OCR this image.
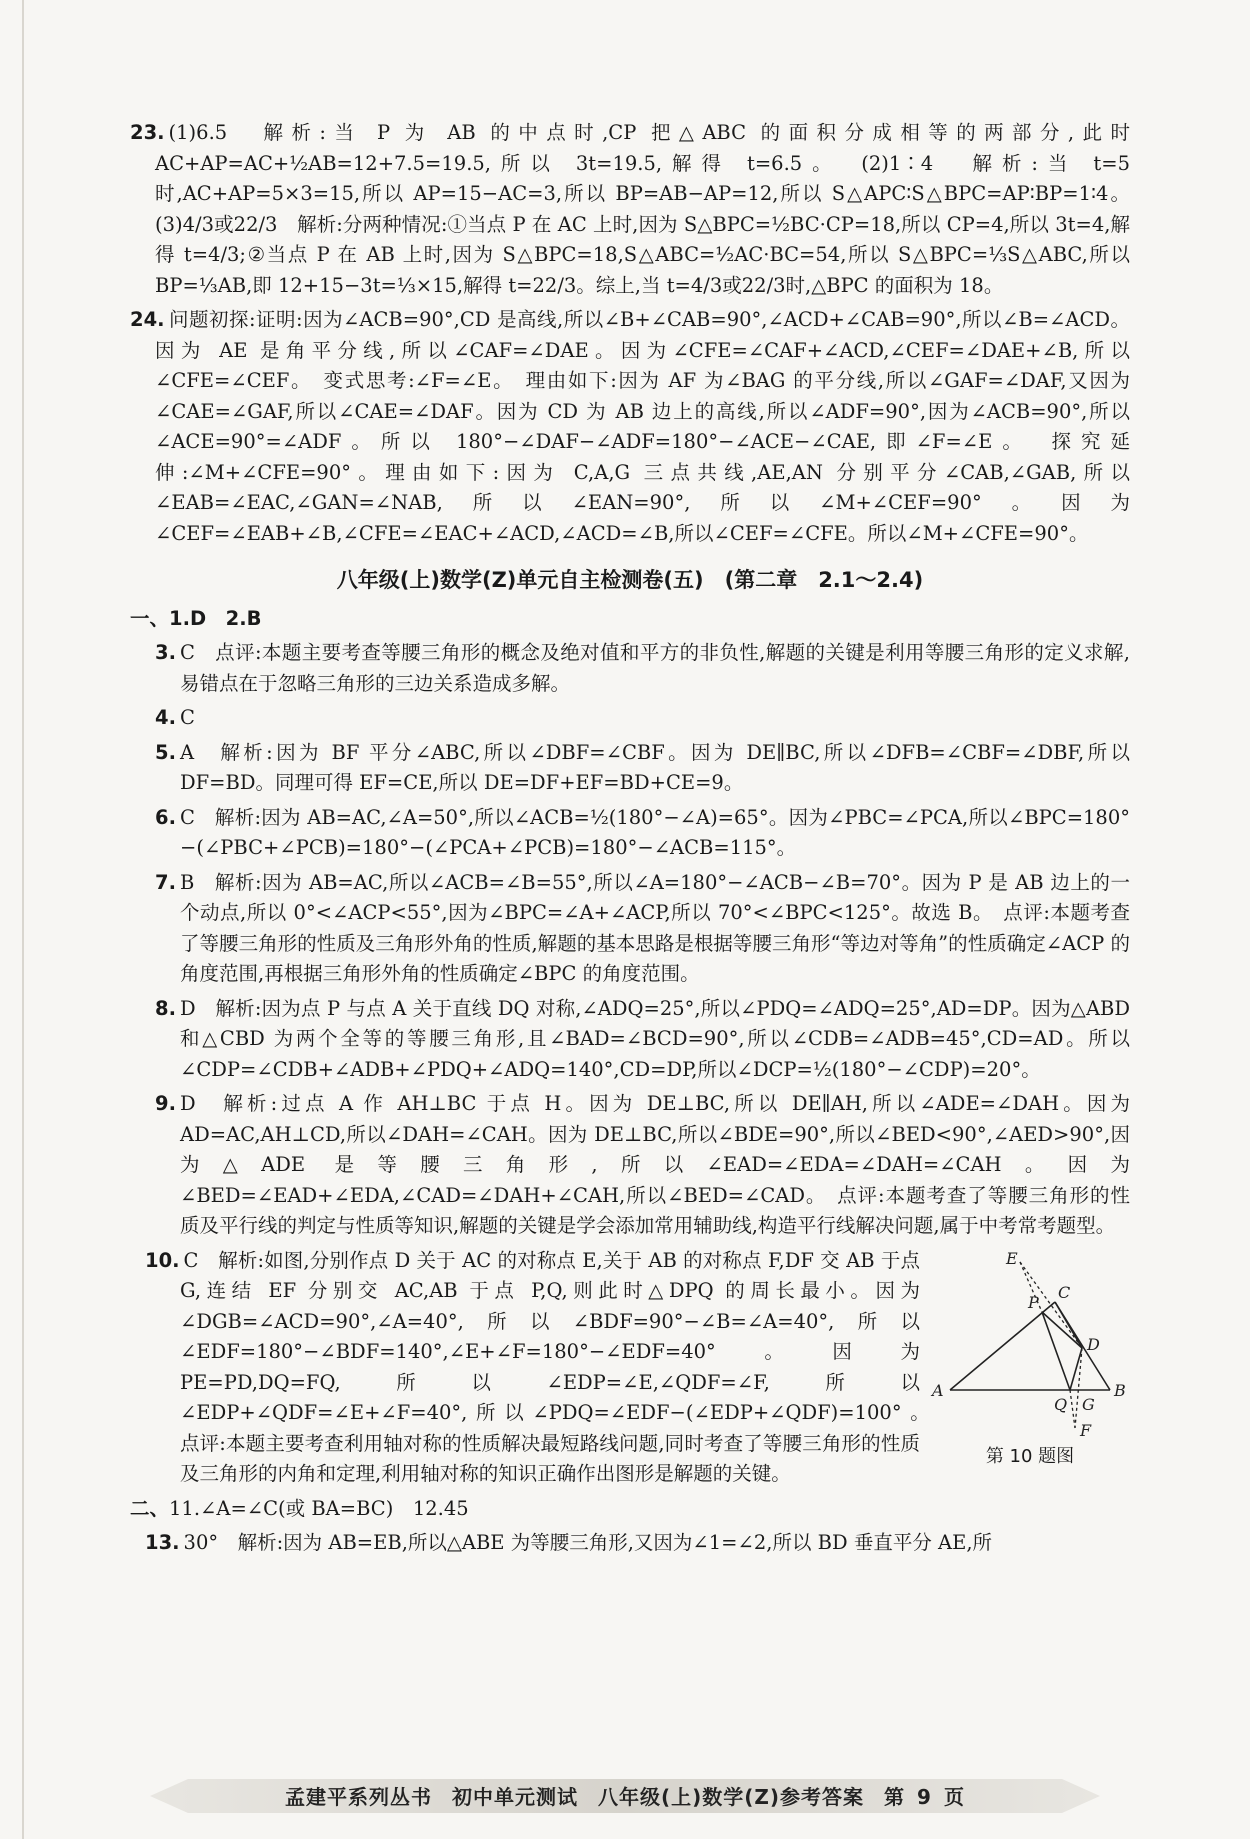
23. (1)6.5　解析:当 P 为 AB 的中点时,CP 把△ABC 的面积分成相等的两部分,此时 AC+AP=AC+½AB=12+7.5=19.5,所以 3t=19.5,解得 t=6.5。　(2)1∶4　解析:当 t=5 时,AC+AP=5×3=15,所以 AP=15−AC=3,所以 BP=AB−AP=12,所以 S△APC∶S△BPC=AP∶BP=1∶4。(3)4/3或22/3　解析:分两种情况:①当点 P 在 AC 上时,因为 S△BPC=½BC·CP=18,所以 CP=4,所以 3t=4,解得 t=4/3;②当点 P 在 AB 上时,因为 S△BPC=18,S△ABC=½AC·BC=54,所以 S△BPC=⅓S△ABC,所以 BP=⅓AB,即 12+15−3t=⅓×15,解得 t=22/3。综上,当 t=4/3或22/3时,△BPC 的面积为 18。

24. 问题初探:证明:因为∠ACB=90°,CD 是高线,所以∠B+∠CAB=90°,∠ACD+∠CAB=90°,所以∠B=∠ACD。因为 AE 是角平分线,所以∠CAF=∠DAE。因为∠CFE=∠CAF+∠ACD,∠CEF=∠DAE+∠B,所以∠CFE=∠CEF。　变式思考:∠F=∠E。　理由如下:因为 AF 为∠BAG 的平分线,所以∠GAF=∠DAF,又因为∠CAE=∠GAF,所以∠CAE=∠DAF。因为 CD 为 AB 边上的高线,所以∠ADF=90°,因为∠ACB=90°,所以∠ACE=90°=∠ADF。所以 180°−∠DAF−∠ADF=180°−∠ACE−∠CAE,即∠F=∠E。　探究延伸:∠M+∠CFE=90°。理由如下:因为 C,A,G 三点共线,AE,AN 分别平分∠CAB,∠GAB,所以∠EAB=∠EAC,∠GAN=∠NAB,所以∠EAN=90°,所以∠M+∠CEF=90°。因为∠CEF=∠EAB+∠B,∠CFE=∠EAC+∠ACD,∠ACD=∠B,所以∠CEF=∠CFE。所以∠M+∠CFE=90°。

八年级(上)数学(Z)单元自主检测卷(五)　(第二章　2.1～2.4)

一、1.D　2.B

3. C　点评:本题主要考查等腰三角形的概念及绝对值和平方的非负性,解题的关键是利用等腰三角形的定义求解,易错点在于忽略三角形的三边关系造成多解。

4. C

5. A　解析:因为 BF 平分∠ABC,所以∠DBF=∠CBF。因为 DE∥BC,所以∠DFB=∠CBF=∠DBF,所以 DF=BD。同理可得 EF=CE,所以 DE=DF+EF=BD+CE=9。

6. C　解析:因为 AB=AC,∠A=50°,所以∠ACB=½(180°−∠A)=65°。因为∠PBC=∠PCA,所以∠BPC=180°−(∠PBC+∠PCB)=180°−(∠PCA+∠PCB)=180°−∠ACB=115°。

7. B　解析:因为 AB=AC,所以∠ACB=∠B=55°,所以∠A=180°−∠ACB−∠B=70°。因为 P 是 AB 边上的一个动点,所以 0°<∠ACP<55°,因为∠BPC=∠A+∠ACP,所以 70°<∠BPC<125°。故选 B。　点评:本题考查了等腰三角形的性质及三角形外角的性质,解题的基本思路是根据等腰三角形“等边对等角”的性质确定∠ACP 的角度范围,再根据三角形外角的性质确定∠BPC 的角度范围。

8. D　解析:因为点 P 与点 A 关于直线 DQ 对称,∠ADQ=25°,所以∠PDQ=∠ADQ=25°,AD=DP。因为△ABD 和△CBD 为两个全等的等腰三角形,且∠BAD=∠BCD=90°,所以∠CDB=∠ADB=45°,CD=AD。所以∠CDP=∠CDB+∠ADB+∠PDQ+∠ADQ=140°,CD=DP,所以∠DCP=½(180°−∠CDP)=20°。

9. D　解析:过点 A 作 AH⊥BC 于点 H。因为 DE⊥BC,所以 DE∥AH,所以∠ADE=∠DAH。因为 AD=AC,AH⊥CD,所以∠DAH=∠CAH。因为 DE⊥BC,所以∠BDE=90°,所以∠BED<90°,∠AED>90°,因为△ADE 是等腰三角形,所以∠EAD=∠EDA=∠DAH=∠CAH。因为∠BED=∠EAD+∠EDA,∠CAD=∠DAH+∠CAH,所以∠BED=∠CAD。　点评:本题考查了等腰三角形的性质及平行线的判定与性质等知识,解题的关键是学会添加常用辅助线,构造平行线解决问题,属于中考常考题型。

10. C　解析:如图,分别作点 D 关于 AC 的对称点 E,关于 AB 的对称点 F,DF 交 AB 于点 G,连结 EF 分别交 AC,AB 于点 P,Q,则此时△DPQ 的周长最小。因为∠DGB=∠ACD=90°,∠A=40°,所以∠BDF=90°−∠B=∠A=40°,所以∠EDF=180°−∠BDF=140°,∠E+∠F=180°−∠EDF=40°。因为 PE=PD,DQ=FQ,所以∠EDP=∠E,∠QDF=∠F,所以∠EDP+∠QDF=∠E+∠F=40°,所以∠PDQ=∠EDF−(∠EDP+∠QDF)=100°。　点评:本题主要考查利用轴对称的性质解决最短路线问题,同时考查了等腰三角形的性质及三角形的内角和定理,利用轴对称的知识正确作出图形是解题的关键。

A	B
C
D
E
F
G
P
Q
第 10 题图

二、11.∠A=∠C(或 BA=BC)　12.45

13. 30°　解析:因为 AB=EB,所以△ABE 为等腰三角形,又因为∠1=∠2,所以 BD 垂直平分 AE,所

孟建平系列丛书 初中单元测试 八年级(上)数学(Z)参考答案 第 9 页
